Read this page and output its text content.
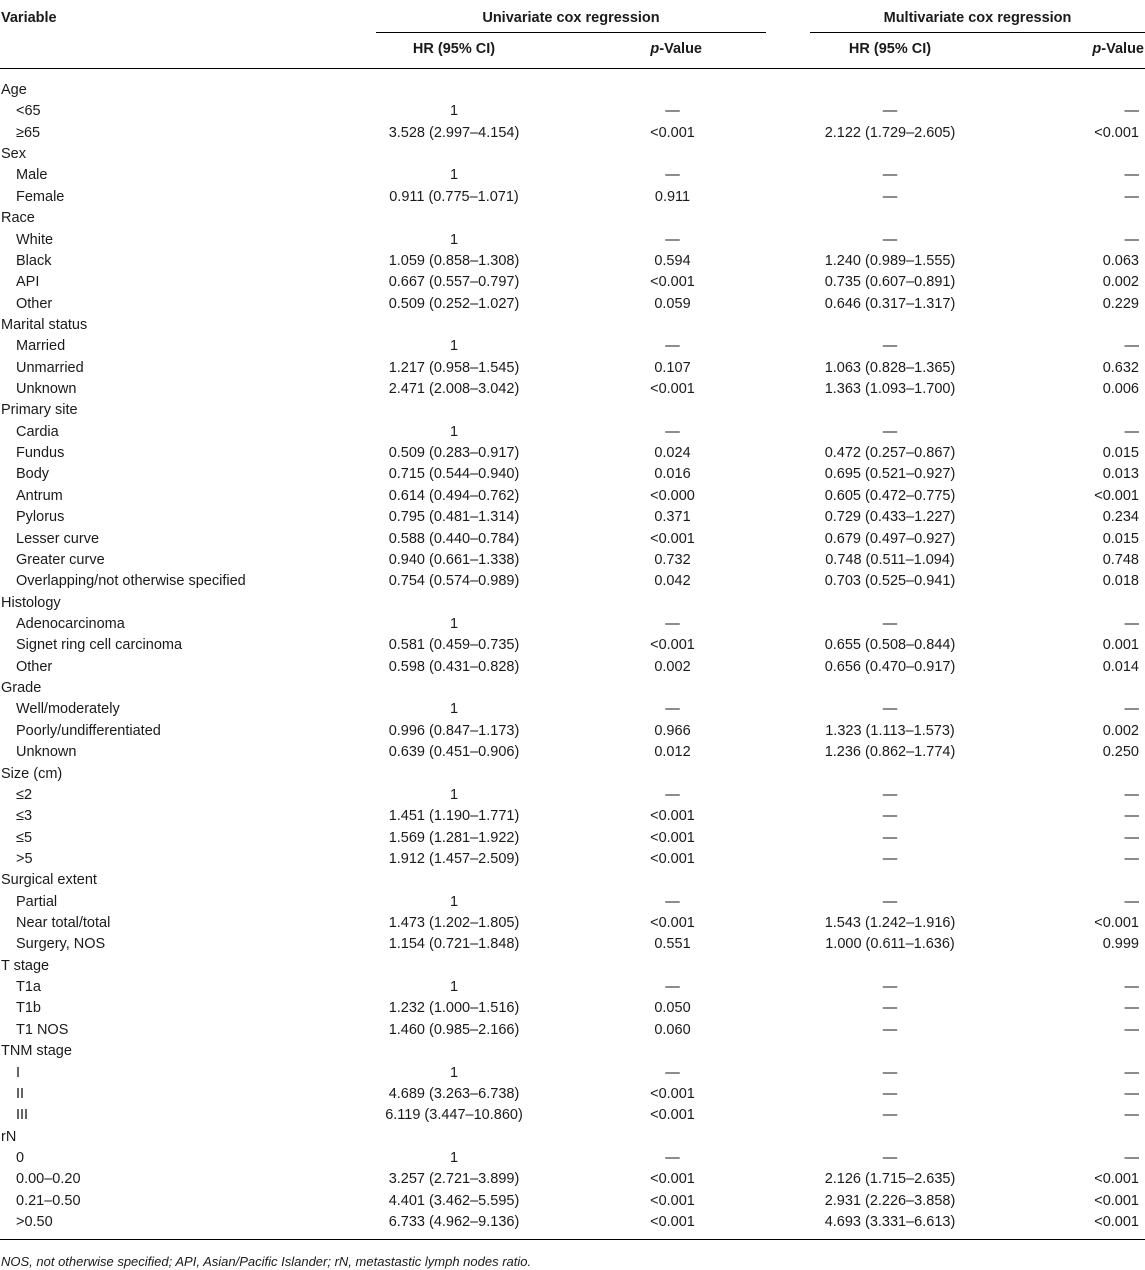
Variable	Univariate cox regression	Multivariate cox regression
HR (95% CI)	p-Value	HR (95% CI)	p-Value
Age
<65	1	—	—	—
≥65	3.528 (2.997–4.154)	<0.001	2.122 (1.729–2.605)	<0.001
Sex
Male	1	—	—	—
Female	0.911 (0.775–1.071)	0.911	—	—
Race
White	1	—	—	—
Black	1.059 (0.858–1.308)	0.594	1.240 (0.989–1.555)	0.063
API	0.667 (0.557–0.797)	<0.001	0.735 (0.607–0.891)	0.002
Other	0.509 (0.252–1.027)	0.059	0.646 (0.317–1.317)	0.229
Marital status
Married	1	—	—	—
Unmarried	1.217 (0.958–1.545)	0.107	1.063 (0.828–1.365)	0.632
Unknown	2.471 (2.008–3.042)	<0.001	1.363 (1.093–1.700)	0.006
Primary site
Cardia	1	—	—	—
Fundus	0.509 (0.283–0.917)	0.024	0.472 (0.257–0.867)	0.015
Body	0.715 (0.544–0.940)	0.016	0.695 (0.521–0.927)	0.013
Antrum	0.614 (0.494–0.762)	<0.000	0.605 (0.472–0.775)	<0.001
Pylorus	0.795 (0.481–1.314)	0.371	0.729 (0.433–1.227)	0.234
Lesser curve	0.588 (0.440–0.784)	<0.001	0.679 (0.497–0.927)	0.015
Greater curve	0.940 (0.661–1.338)	0.732	0.748 (0.511–1.094)	0.748
Overlapping/not otherwise specified	0.754 (0.574–0.989)	0.042	0.703 (0.525–0.941)	0.018
Histology
Adenocarcinoma	1	—	—	—
Signet ring cell carcinoma	0.581 (0.459–0.735)	<0.001	0.655 (0.508–0.844)	0.001
Other	0.598 (0.431–0.828)	0.002	0.656 (0.470–0.917)	0.014
Grade
Well/moderately	1	—	—	—
Poorly/undifferentiated	0.996 (0.847–1.173)	0.966	1.323 (1.113–1.573)	0.002
Unknown	0.639 (0.451–0.906)	0.012	1.236 (0.862–1.774)	0.250
Size (cm)
≤2	1	—	—	—
≤3	1.451 (1.190–1.771)	<0.001	—	—
≤5	1.569 (1.281–1.922)	<0.001	—	—
>5	1.912 (1.457–2.509)	<0.001	—	—
Surgical extent
Partial	1	—	—	—
Near total/total	1.473 (1.202–1.805)	<0.001	1.543 (1.242–1.916)	<0.001
Surgery, NOS	1.154 (0.721–1.848)	0.551	1.000 (0.611–1.636)	0.999
T stage
T1a	1	—	—	—
T1b	1.232 (1.000–1.516)	0.050	—	—
T1 NOS	1.460 (0.985–2.166)	0.060	—	—
TNM stage
I	1	—	—	—
II	4.689 (3.263–6.738)	<0.001	—	—
III	6.119 (3.447–10.860)	<0.001	—	—
rN
0	1	—	—	—
0.00–0.20	3.257 (2.721–3.899)	<0.001	2.126 (1.715–2.635)	<0.001
0.21–0.50	4.401 (3.462–5.595)	<0.001	2.931 (2.226–3.858)	<0.001
>0.50	6.733 (4.962–9.136)	<0.001	4.693 (3.331–6.613)	<0.001
NOS, not otherwise specified; API, Asian/Pacific Islander; rN, metastastic lymph nodes ratio.
